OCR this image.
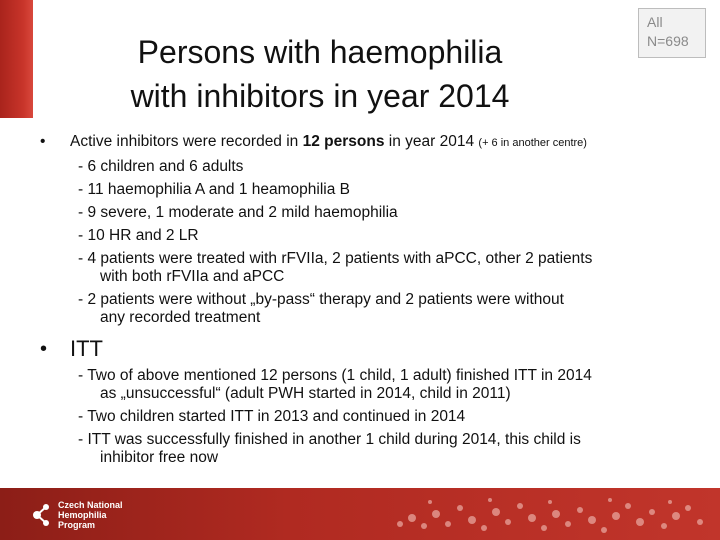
All
N=698
Persons with haemophilia
with inhibitors in year 2014
• Active inhibitors were recorded in 12 persons in year 2014 (+ 6 in another centre)
- 6 children and 6 adults
- 11 haemophilia A and 1 heamophilia B
- 9 severe, 1 moderate and 2 mild haemophilia
- 10 HR and 2 LR
- 4 patients were treated with rFVIIa, 2 patients with aPCC, other 2 patients
with both rFVIIa and aPCC
- 2 patients were without „by-pass“ therapy and 2 patients were without
any recorded treatment
• ITT
- Two of above mentioned 12 persons (1 child, 1 adult) finished ITT in 2014
as „unsuccessful“ (adult PWH started in 2014, child in 2011)
- Two children started ITT in 2013 and continued in 2014
- ITT was successfully finished in another 1 child during 2014, this child is
inhibitor free now
Czech National
Hemophilia
Program
